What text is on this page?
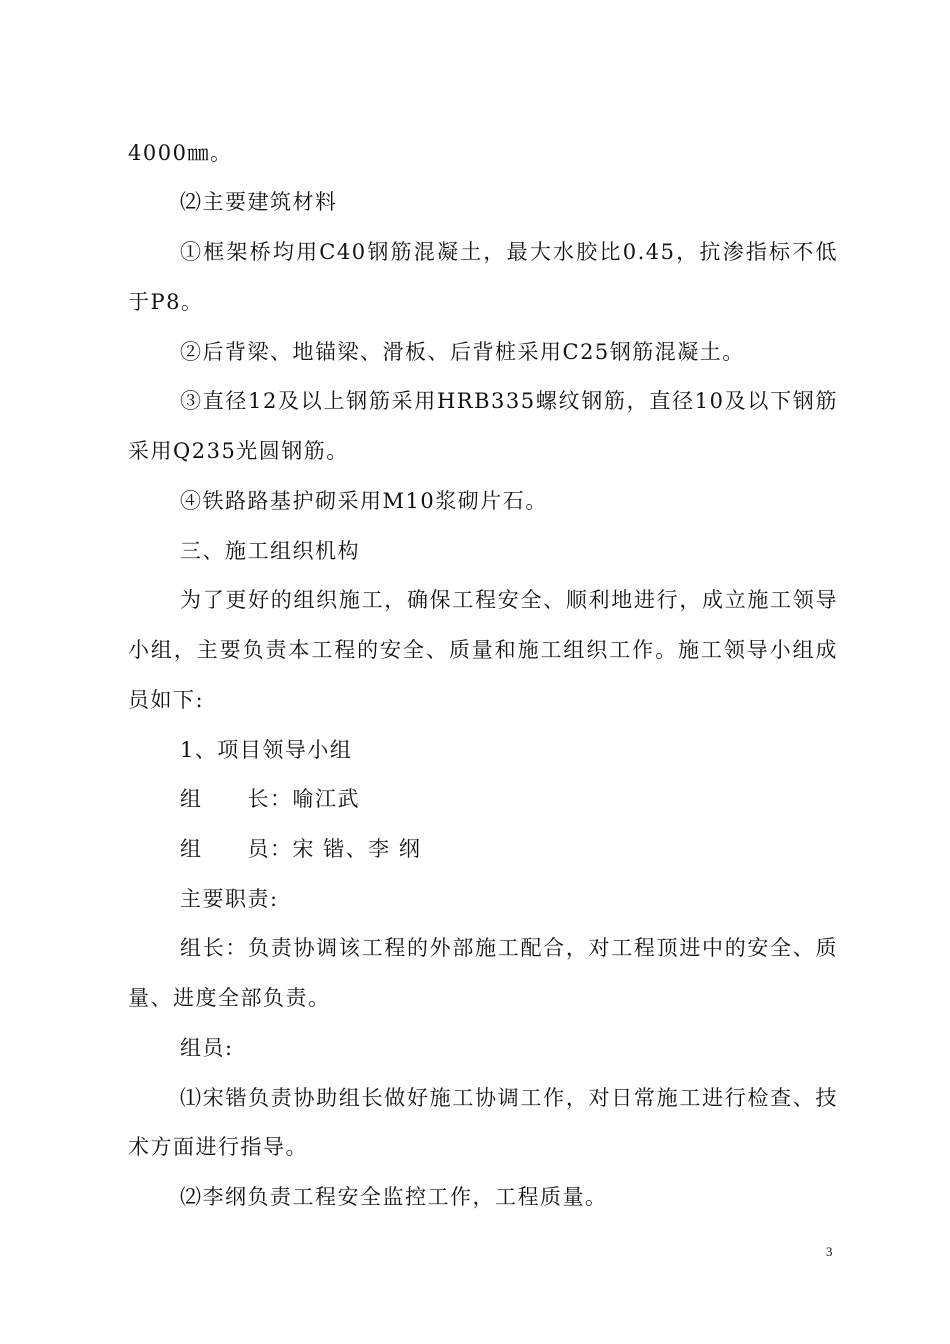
4000㎜。
⑵主要建筑材料
①框架桥均用C40钢筋混凝土，最大水胶比0.45，抗渗指标不低
于P8。
②后背梁、地锚梁、滑板、后背桩采用C25钢筋混凝土。
③直径12及以上钢筋采用HRB335螺纹钢筋，直径10及以下钢筋
采用Q235光圆钢筋。
④铁路路基护砌采用M10浆砌片石。
三、施工组织机构
为了更好的组织施工，确保工程安全、顺利地进行，成立施工领导
小组，主要负责本工程的安全、质量和施工组织工作。施工领导小组成
员如下:
1、项目领导小组
组　　长：喻江武
组　　员：宋 锴、李 纲
主要职责:
组长：负责协调该工程的外部施工配合，对工程顶进中的安全、质
量、进度全部负责。
组员:
⑴宋锴负责协助组长做好施工协调工作，对日常施工进行检查、技
术方面进行指导。
⑵李纲负责工程安全监控工作，工程质量。
3
